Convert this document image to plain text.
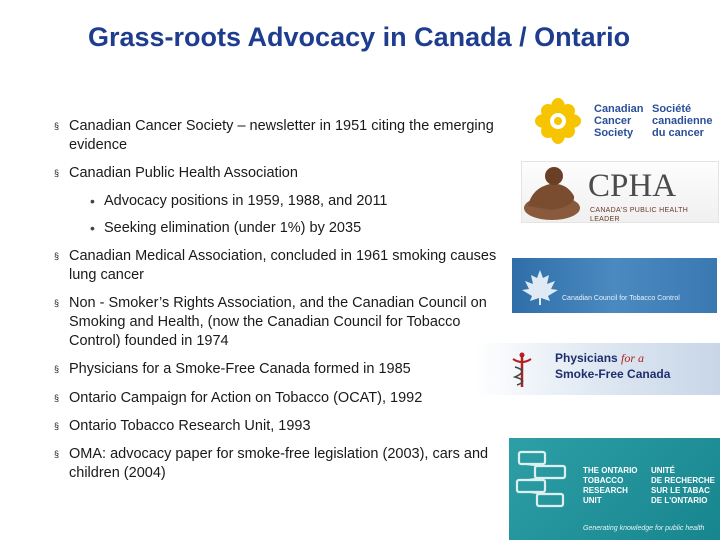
Grass-roots Advocacy in Canada / Ontario
§ Canadian Cancer Society – newsletter in 1951 citing the emerging evidence
§ Canadian Public Health Association
• Advocacy positions in 1959, 1988, and 2011
• Seeking elimination (under 1%) by 2035
§ Canadian Medical Association, concluded in 1961 smoking causes lung cancer
§ Non - Smoker’s Rights Association, and the Canadian Council on Smoking and Health, (now the Canadian Council for Tobacco Control) founded in 1974
§ Physicians for a Smoke-Free Canada formed in 1985
§ Ontario Campaign for Action on Tobacco (OCAT), 1992
§ Ontario Tobacco Research Unit, 1993
§ OMA: advocacy paper for smoke-free legislation (2003), cars and children (2004)
Canadian
Cancer
Society
Société
canadienne
du cancer
CPHA
CANADA'S PUBLIC HEALTH LEADER
Canadian Council for Tobacco Control
Physicians for a
Smoke-Free Canada
THE ONTARIO
TOBACCO
RESEARCH
UNIT
UNITÉ
DE RECHERCHE
SUR LE TABAC
DE L'ONTARIO
Generating knowledge for public health
